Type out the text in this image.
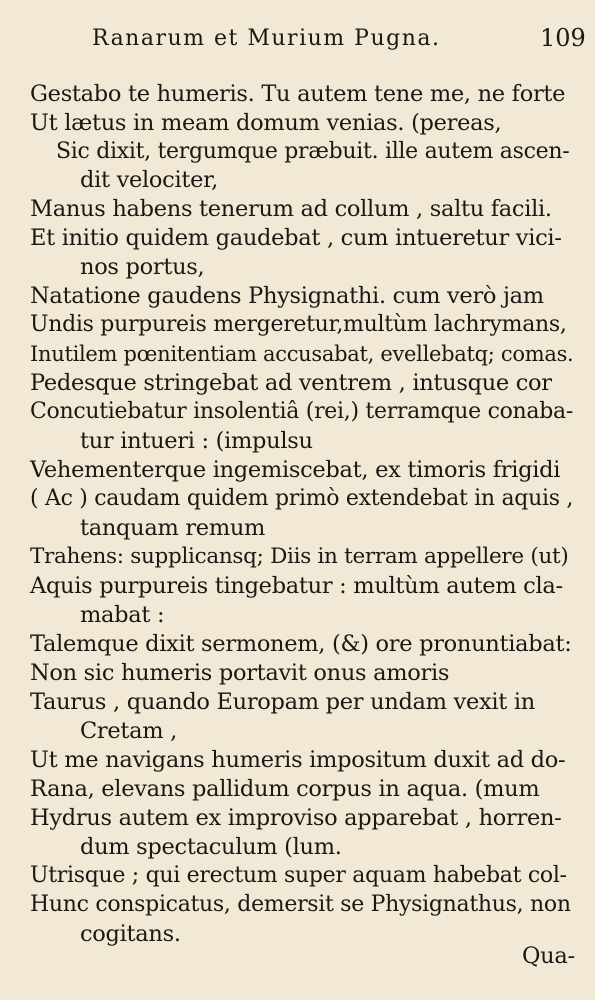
Ranarum et Murium Pugna.	109
Gestabo te humeris. Tu autem tene me, ne forte
Ut lætus in meam domum venias. (pereas,
Sic dixit, tergumque præbuit. ille autem ascen-
dit velociter,
Manus habens tenerum ad collum , saltu facili.
Et initio quidem gaudebat , cum intueretur vici-
nos portus,
Natatione gaudens Physignathi. cum verò jam
Undis purpureis mergeretur,multùm lachrymans,
Inutilem pœnitentiam accusabat, evellebatq; comas.
Pedesque stringebat ad ventrem , intusque cor
Concutiebatur insolentiâ (rei,) terramque conaba-
tur intueri : (impulsu
Vehementerque ingemiscebat, ex timoris frigidi
( Ac ) caudam quidem primò extendebat in aquis ,
tanquam remum
Trahens: supplicansq; Diis in terram appellere (ut)
Aquis purpureis tingebatur : multùm autem cla-
mabat :
Talemque dixit sermonem, (&) ore pronuntiabat:
Non sic humeris portavit onus amoris
Taurus , quando Europam per undam vexit in
Cretam ,
Ut me navigans humeris impositum duxit ad do-
Rana, elevans pallidum corpus in aqua. (mum
Hydrus autem ex improviso apparebat , horren-
dum spectaculum (lum.
Utrisque ; qui erectum super aquam habebat col-
Hunc conspicatus, demersit se Physignathus, non
cogitans.
Qua-
